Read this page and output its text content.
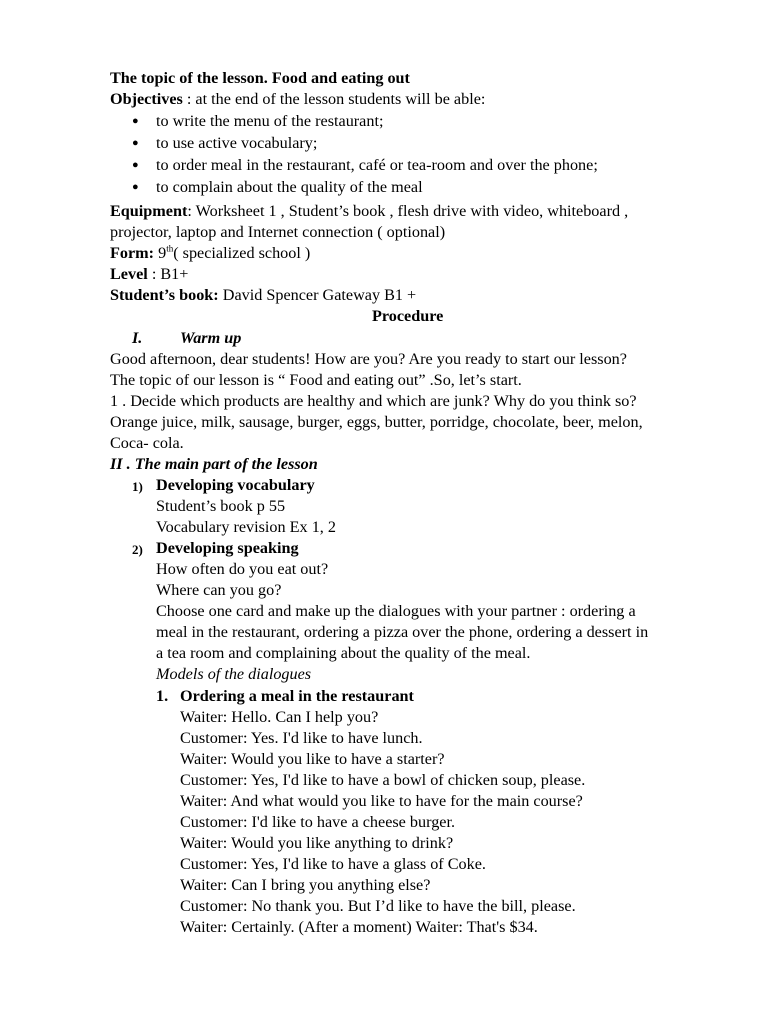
The topic of the lesson. Food and eating out
Objectives : at the end of the lesson students will be able:
● to write the menu of the restaurant;
● to use active vocabulary;
● to order meal in the restaurant, café or tea-room and over the phone;
● to complain about the quality of the meal
Equipment: Worksheet 1 , Student’s book , flesh drive with video, whiteboard ,
projector, laptop and Internet connection ( optional)
Form: 9th( specialized school )
Level : B1+
Student’s book: David Spencer Gateway B1 +
Procedure
I. Warm up
Good afternoon, dear students! How are you? Are you ready to start our lesson?
The topic of our lesson is “ Food and eating out” .So, let’s start.
1 . Decide which products are healthy and which are junk? Why do you think so?
Orange juice, milk, sausage, burger, eggs, butter, porridge, chocolate, beer, melon,
Coca- cola.
II . The main part of the lesson
1) Developing vocabulary
Student’s book p 55
Vocabulary revision Ex 1, 2
2) Developing speaking
How often do you eat out?
Where can you go?
Choose one card and make up the dialogues with your partner : ordering a
meal in the restaurant, ordering a pizza over the phone, ordering a dessert in
a tea room and complaining about the quality of the meal.
Models of the dialogues
1. Ordering a meal in the restaurant
Waiter: Hello. Can I help you?
Customer: Yes. I'd like to have lunch.
Waiter: Would you like to have a starter?
Customer: Yes, I'd like to have a bowl of chicken soup, please.
Waiter: And what would you like to have for the main course?
Customer: I'd like to have a cheese burger.
Waiter: Would you like anything to drink?
Customer: Yes, I'd like to have a glass of Coke.
Waiter: Can I bring you anything else?
Customer: No thank you. But I’d like to have the bill, please.
Waiter: Certainly. (After a moment) Waiter: That's $34.
